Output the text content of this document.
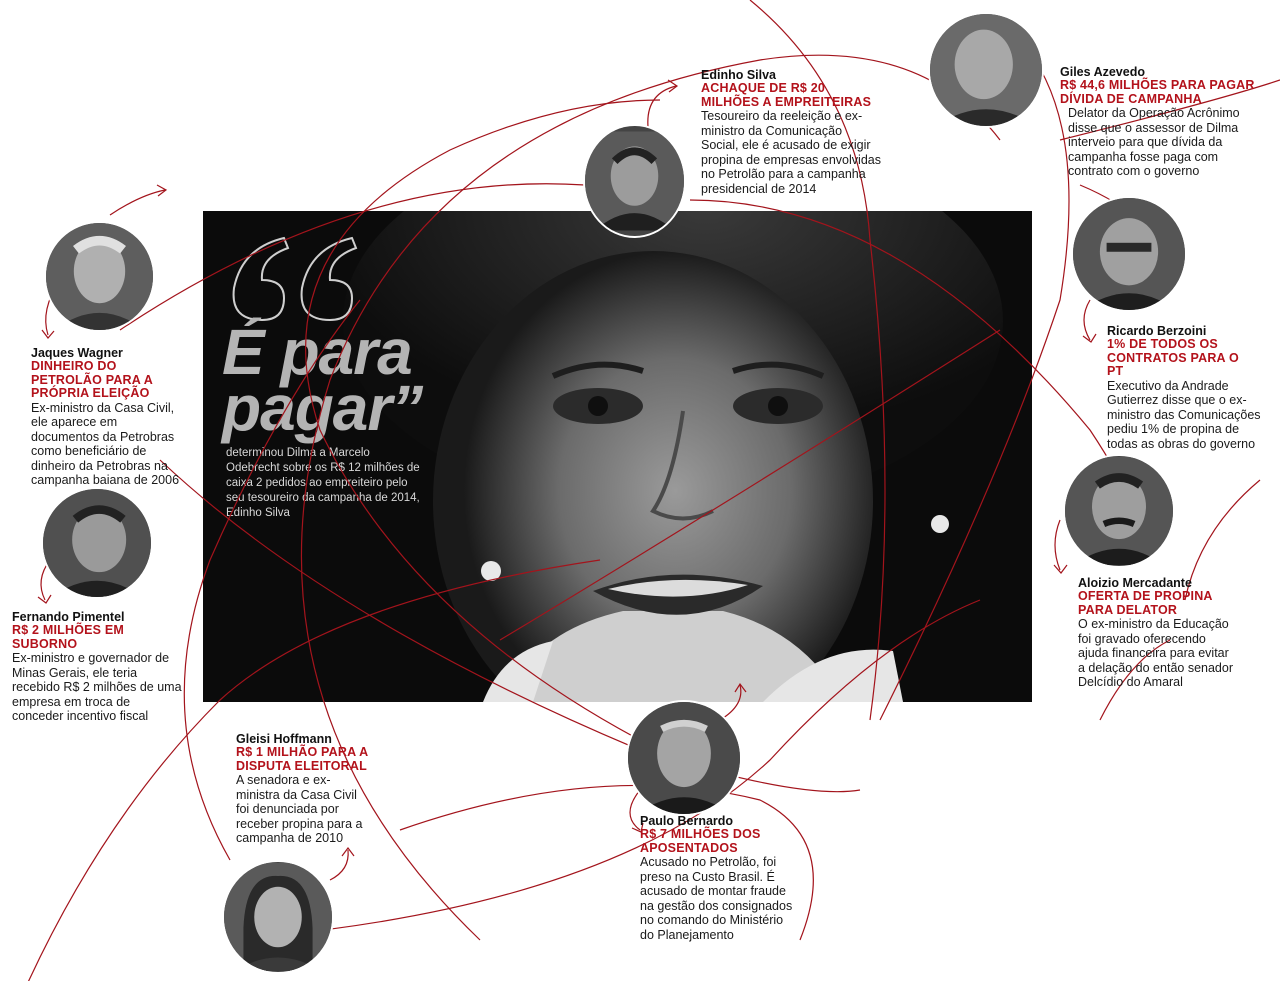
É para
pagar”
determinou Dilma a Marcelo Odebrecht sobre os R$ 12 milhões de caixa 2 pedidos ao empreiteiro pelo seu tesoureiro da campanha de 2014, Edinho Silva
Edinho Silva
ACHAQUE DE R$ 20 MILHÕES A EMPREITEIRAS
Tesoureiro da reeleição e ex-ministro da Comunicação Social, ele é acusado de exigir propina de empresas envolvidas no Petrolão para a campanha presidencial de 2014
Giles Azevedo
R$ 44,6 MILHÕES PARA PAGAR DÍVIDA DE CAMPANHA
Delator da Operação Acrônimo disse que o assessor de Dilma interveio para que dívida da campanha fosse paga com contrato com o governo
Jaques Wagner
DINHEIRO DO PETROLÃO PARA A PRÓPRIA ELEIÇÃO
Ex-ministro da Casa Civil, ele aparece em documentos da Petrobras como beneficiário de dinheiro da Petrobras na campanha baiana de 2006
Ricardo Berzoini
1% DE TODOS OS CONTRATOS PARA O PT
Executivo da Andrade Gutierrez disse que o ex-ministro das Comunicações pediu 1% de propina de todas as obras do governo
Fernando Pimentel
R$ 2 MILHÕES EM SUBORNO
Ex-ministro e governador de Minas Gerais, ele teria recebido R$ 2 milhões de uma empresa em troca de conceder incentivo fiscal
Aloizio Mercadante
OFERTA DE PROPINA PARA DELATOR
O ex-ministro da Educação foi gravado oferecendo ajuda financeira para evitar a delação do então senador Delcídio do Amaral
Gleisi Hoffmann
R$ 1 MILHÃO PARA A DISPUTA ELEITORAL
A senadora e ex-ministra da Casa Civil foi denunciada por receber propina para a campanha de 2010
Paulo Bernardo
R$ 7 MILHÕES DOS APOSENTADOS
Acusado no Petrolão, foi preso na Custo Brasil. É acusado de montar fraude na gestão dos consignados no comando do Ministério do Planejamento
